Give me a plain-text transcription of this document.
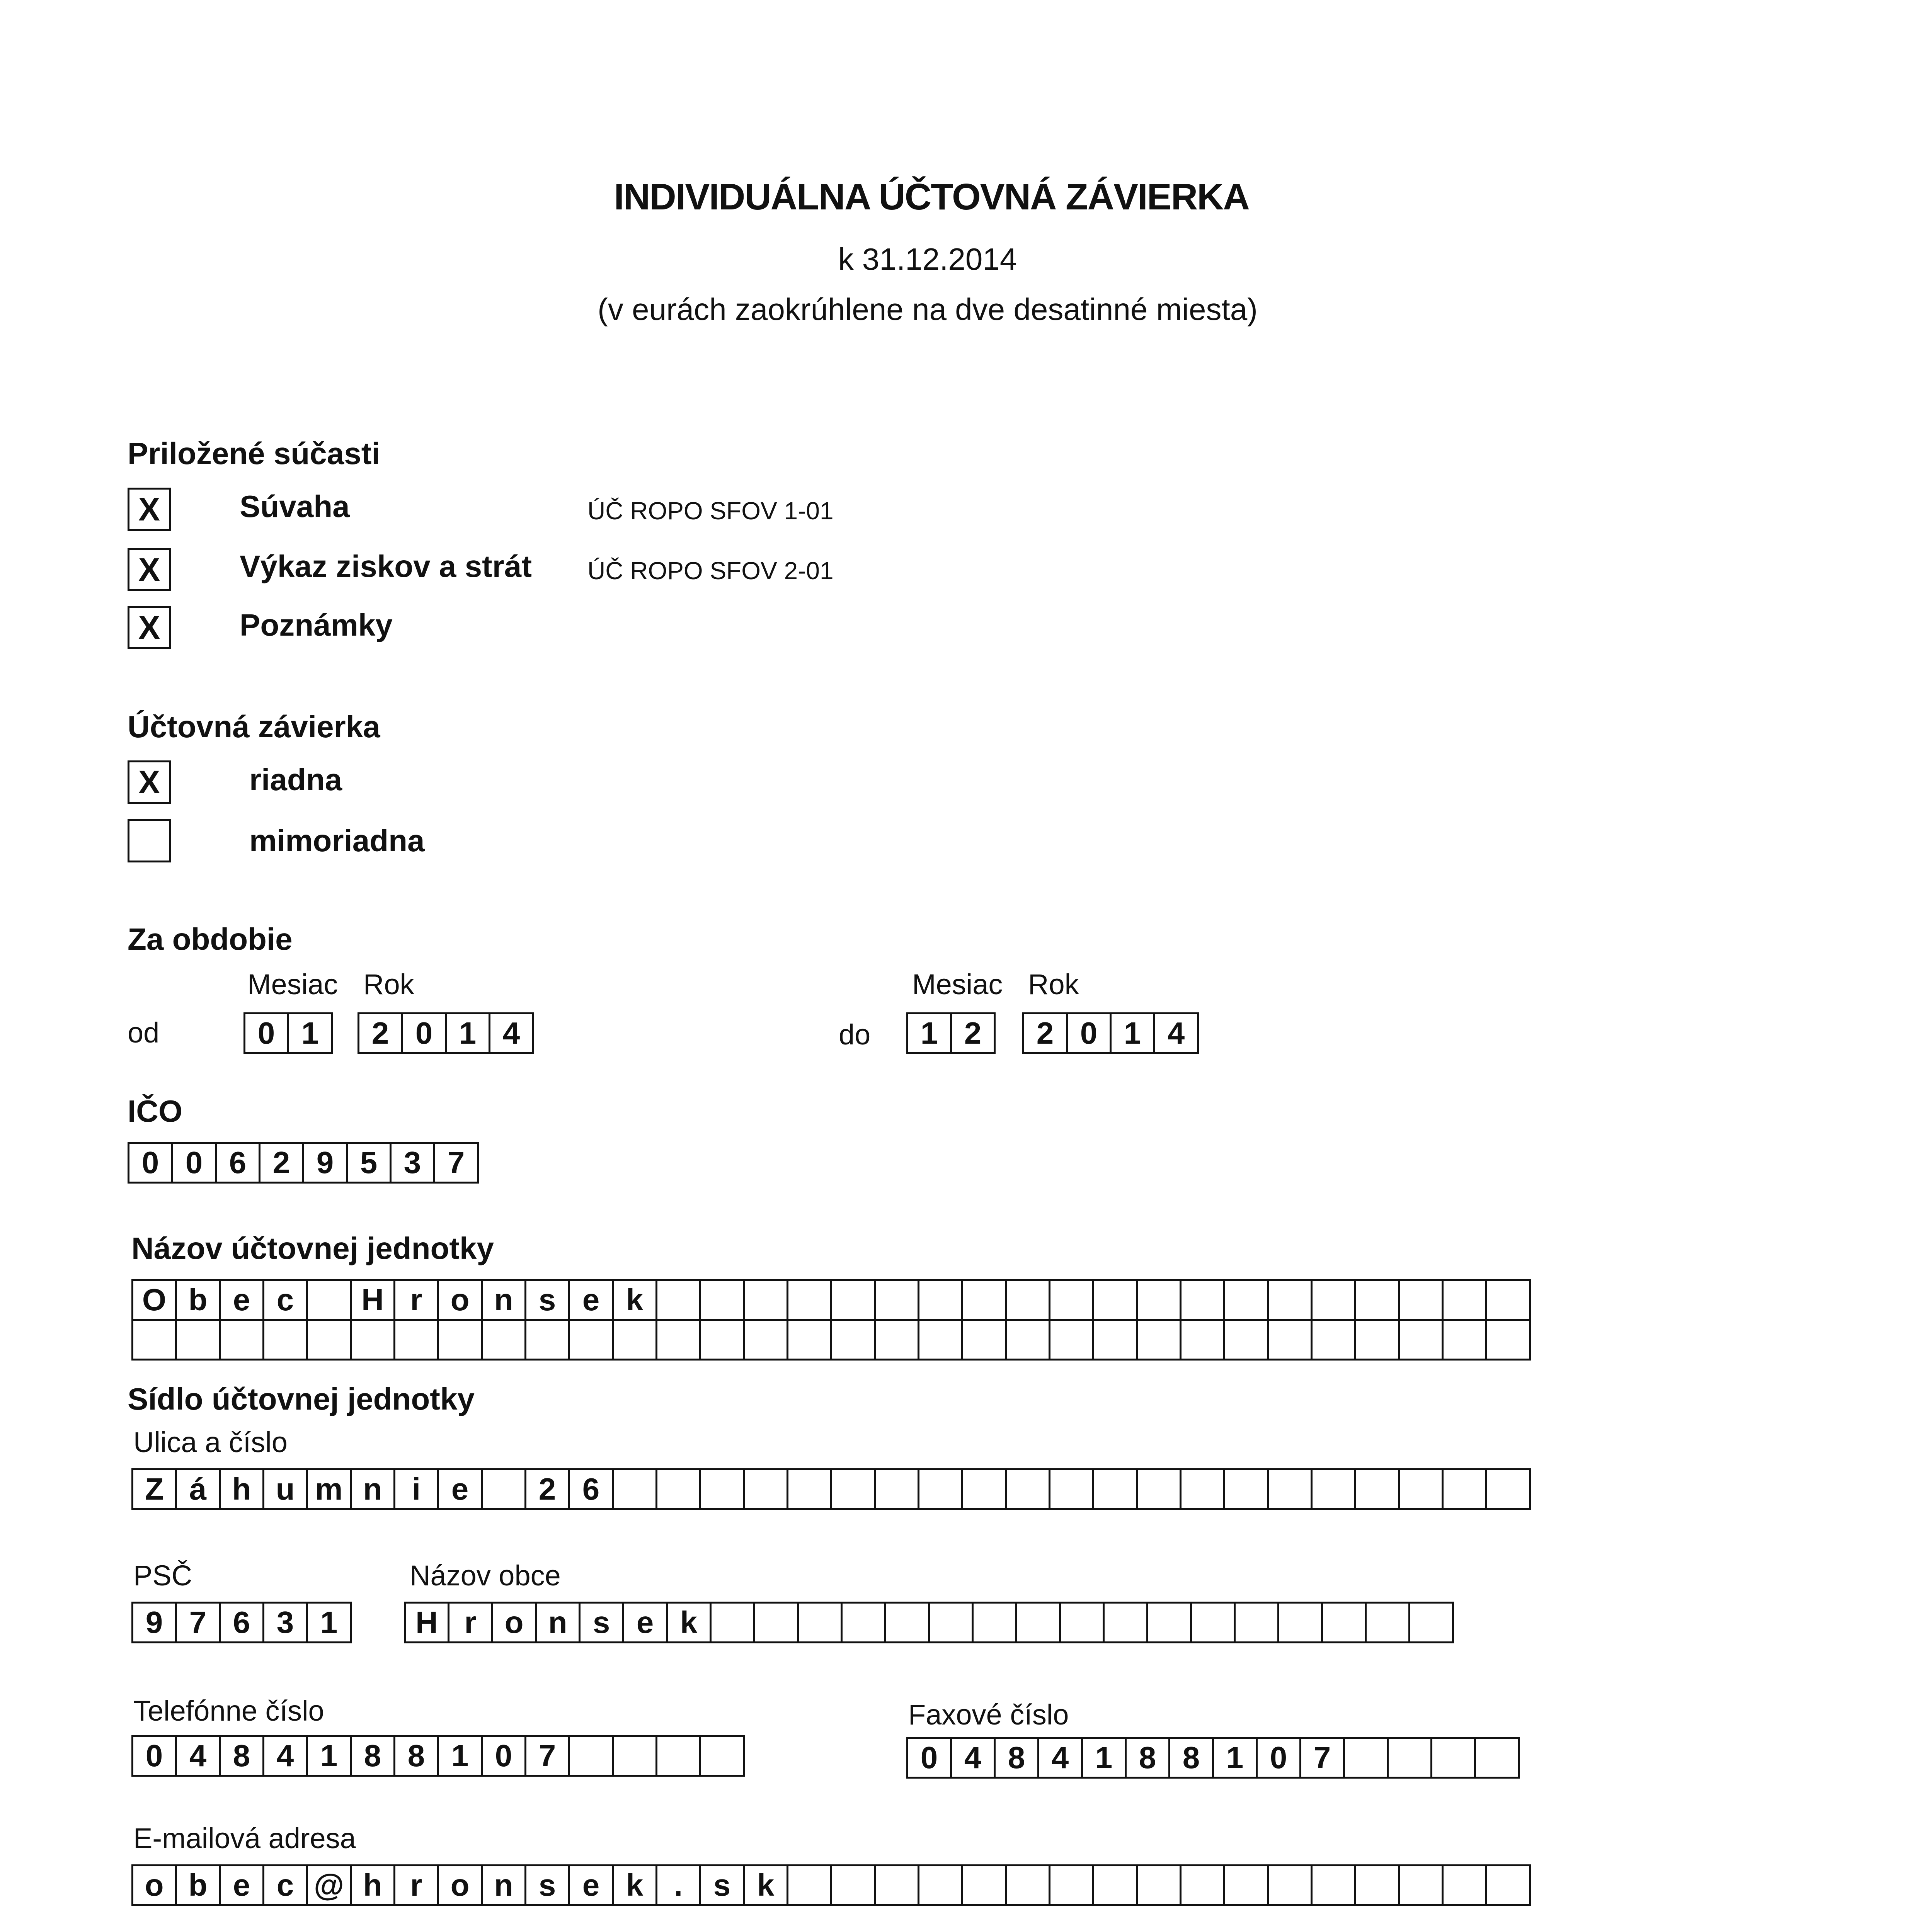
INDIVIDUÁLNA ÚČTOVNÁ ZÁVIERKA
k 31.12.2014
(v eurách zaokrúhlene na dve desatinné miesta)
Priložené súčasti
X	Súvaha	ÚČ ROPO SFOV 1-01
X	Výkaz ziskov a strát ÚČ ROPO SFOV 2-01
X	Poznámky
Účtovná závierka
X	riadna
mimoriadna
Za obdobie
Mesiac Rok
od	0 1	2 0 1 4
Mesiac Rok
do	1 2	2 0 1 4
IČO
0 0 6 2 9 5 3 7
Názov účtovnej jednotky
O b e c	H r o n s e k
Sídlo účtovnej jednotky
Ulica a číslo
Z á h u m n i e	2 6
PSČ	Názov obce
9 7 6 3 1	H r o n s e k
Telefónne číslo
0 4 8 4 1 8 8 1 0 7
Faxové číslo
0 4 8 4 1 8 8 1 0 7
E-mailová adresa
o b e c @ h r o n s e k . s k
